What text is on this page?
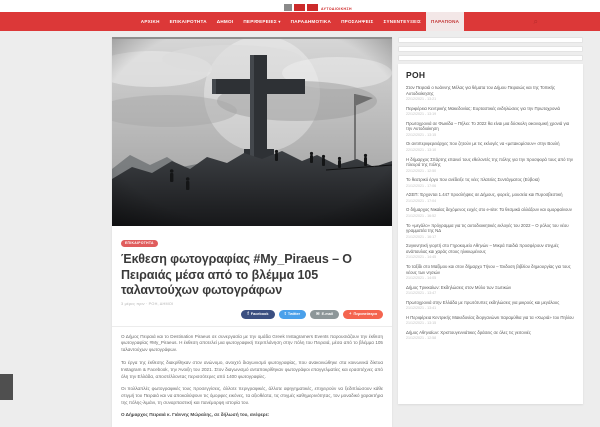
ΑΥΤΟΔΙΟΙΚΗΣΗ
ΑΡΧΙΚΗ ΕΠΙΚΑΙΡΟΤΗΤΑ ΔΗΜΟΙ ΠΕΡΙΦΕΡΕΙΕΣ ▾ ΠΑΡΑΔΗΜΟΤΙΚΑ ΠΡΟΣΛΗΨΕΙΣ ΣΥΝΕΝΤΕΥΞΕΙΣ ΠΑΡΑΠΟΝΑ	⌕
ΕΠΙΚΑΙΡΟΤΗΤΑ
Έκθεση φωτογραφίας #My_Piraeus – Ο Πειραιάς μέσα από το βλέμμα 105 ταλαντούχων φωτογράφων
3 μέρες πριν · ΡΟΗ, ΔΗΜΟΙ
f Facebook	t Twitter	✉ E-mail	+ Περισσότερα

Ο Δήμος Πειραιά και το Destination Piraeus σε συνεργασία με την ομάδα Greek Instagramers Events παρουσιάζουν την έκθεση φωτογραφίας #My_Piraeus. Η έκθεση αποτελεί μια φωτογραφική περιπλάνηση στην πόλη του Πειραιά, μέσα από το βλέμμα 105 ταλαντούχων φωτογράφων.

Τα έργα της έκθεσης διακρίθηκαν στον ανώνυμο, ανοιχτό διαγωνισμό φωτογραφίας, που ανακοινώθηκε στα κοινωνικά δίκτυα Instagram & Facebook, την Άνοιξη του 2021. Στον διαγωνισμό ανταποκρίθηκαν φωτογράφοι επαγγελματίες και ερασιτέχνες από όλη την Ελλάδα, αποστέλλοντας περισσότερες από 1400 φωτογραφίες.

Οι πολλαπλές φωτογραφικές τους προσεγγίσεις, άλλοτε περιγραφικές, άλλοτε αφηγηματικές, επιχειρούν να ξεδιπλώσουν κάθε στιγμή του Πειραιά και να αποκαλύψουν τις όμορφες εικόνες, τα αξιοθέατα, τις στιγμές καθημερινότητας, τον μοναδικό χαρακτήρα της πόλης-λιμάνι, τη συναρπαστική και πανέμορφη ιστορία του.

Ο Δήμαρχος Πειραιά κ. Γιάννης Μώραλης, σε δήλωσή του, ανέφερε:

ΡΟΗ
Στον Πειραιά ο Ιωάννης Μέλας για θέματα του Δήμου Πειραιώς και της Τοπικής Αυτοδιοίκησης
22/12/2021 - 13:21
Περιφέρεια Κεντρικής Μακεδονίας: Εορταστικές εκδηλώσεις για την Πρωτοχρονιά
22/12/2021 - 13:19
Πρωτοχρονιά σε Φωκίδα – Πήλιο: Το 2022 θα είναι μια δύσκολη οικονομική χρονιά για την Αυτοδιοίκηση
22/12/2021 - 13:15
Οι αντιπεριφερειάρχες που ζητούν με τις εκλογές να «μετακομίσουν» στην Βουλή
22/12/2021 - 13:10
Η δήμαρχος Σπάρτης επαινεί τους εθελοντές της πόλης για την προσφορά τους από την πλευρά της πόλης
22/12/2021 - 12:50
Το θεατρικό έργο που ανέδειξε τις νέες πλατείες Συντάγματος (Εύβοια)
21/12/2021 - 17:06
ΑΣΕΠ: Έρχονται 1.447 προσλήψεις σε Δήμους, φορείς, μουσεία και Πυροσβεστική
21/12/2021 - 17:04
Ο δήμαρχος Νικαίας δεχόμενος ευχές στο e-site: Τα θεσμικά αλλάζουν και ομορφαίνουν
21/12/2021 - 16:52
Το «μεγάλο» πρόγραμμα για τις αυτοδιοικητικές εκλογές του 2022 – Ο ρόλος του νέου γραμματέα της ΝΔ
21/12/2021 - 16:17
Συγκινητική γιορτή στο Γηροκομείο Αθηνών – Μικρά παιδιά προσφέρουν στιγμές ανάπαυλας και χαράς στους ηλικιωμένους
21/12/2021 - 14:45
Το ταξίδι στο Μαξίμου και στον δήμαρχο Τήνου – Έκδοση βιβλίου δημιουργίας για τους νέους των νησιών
21/12/2021 - 14:05
Δήμος Τρικκαίων: Εκδηλώσεις στον Μύλο των Ξωτικών
21/12/2021 - 13:47
Πρωτοχρονιά στην Ελλάδα με πρωτότυπες εκδηλώσεις για μικρούς και μεγάλους
21/12/2021 - 13:41
Η Περιφέρεια Κεντρικής Μακεδονίας διοργανώνει παραμύθια για τα «Χωριά» του Πηλίου
21/12/2021 - 13:15
Δήμος Αθηναίων: Χριστουγεννιάτικες δράσεις σε όλες τις γειτονιές
21/12/2021 - 12:58
